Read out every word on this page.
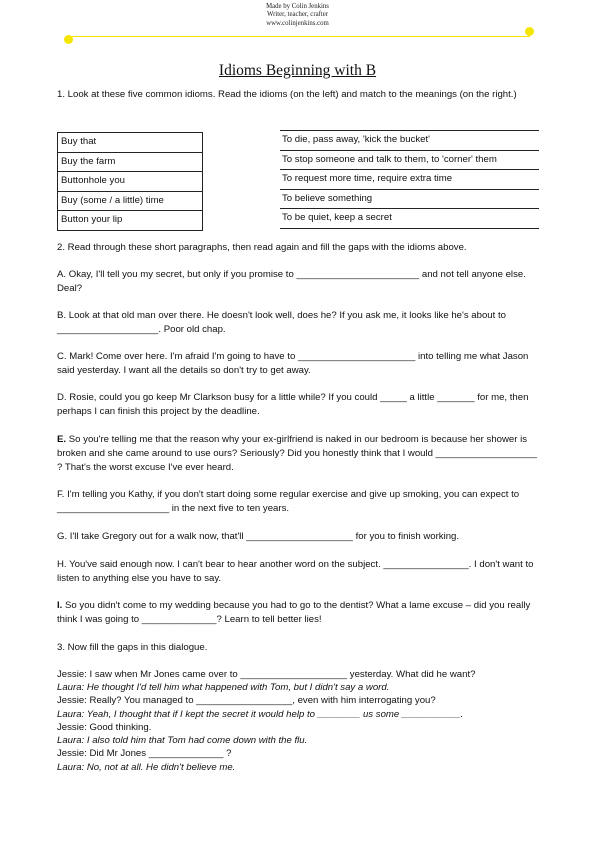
Made by Colin Jenkins
Writer, teacher, crafter
www.colinjenkins.com
Idioms Beginning with B

1. Look at these five common idioms. Read the idioms (on the left) and match to the meanings (on the right.)

Buy that
Buy the farm
Buttonhole you
Buy (some / a little) time
Button your lip
To die, pass away, 'kick the bucket'
To stop someone and talk to them, to 'corner' them
To request more time, require extra time
To believe something
To be quiet, keep a secret

2. Read through these short paragraphs, then read again and fill the gaps with the idioms above.

A. Okay, I'll tell you my secret, but only if you promise to _______________________ and not tell anyone else. Deal?

B. Look at that old man over there. He doesn't look well, does he? If you ask me, it looks like he's about to ___________________. Poor old chap.

C. Mark! Come over here. I'm afraid I'm going to have to ______________________ into telling me what Jason said yesterday. I want all the details so don't try to get away.

D. Rosie, could you go keep Mr Clarkson busy for a little while? If you could _____ a little _______ for me, then perhaps I can finish this project by the deadline.

E. So you're telling me that the reason why your ex-girlfriend is naked in our bedroom is because her shower is broken and she came around to use ours? Seriously? Did you honestly think that I would ___________________ ? That's the worst excuse I've ever heard.

F. I'm telling you Kathy, if you don't start doing some regular exercise and give up smoking, you can expect to _____________________ in the next five to ten years.

G. I'll take Gregory out for a walk now, that'll ____________________ for you to finish working.

H. You've said enough now. I can't bear to hear another word on the subject. ________________. I don't want to listen to anything else you have to say.

I. So you didn't come to my wedding because you had to go to the dentist? What a lame excuse – did you really think I was going to ______________? Learn to tell better lies!

3. Now fill the gaps in this dialogue.

Jessie: I saw when Mr Jones came over to ____________________ yesterday. What did he want?

Laura: He thought I'd tell him what happened with Tom, but I didn't say a word.

Jessie: Really? You managed to __________________, even with him interrogating you?

Laura: Yeah, I thought that if I kept the secret it would help to ________ us some ___________.

Jessie: Good thinking.

Laura: I also told him that Tom had come down with the flu.

Jessie: Did Mr Jones ______________ ?

Laura: No, not at all. He didn't believe me.
